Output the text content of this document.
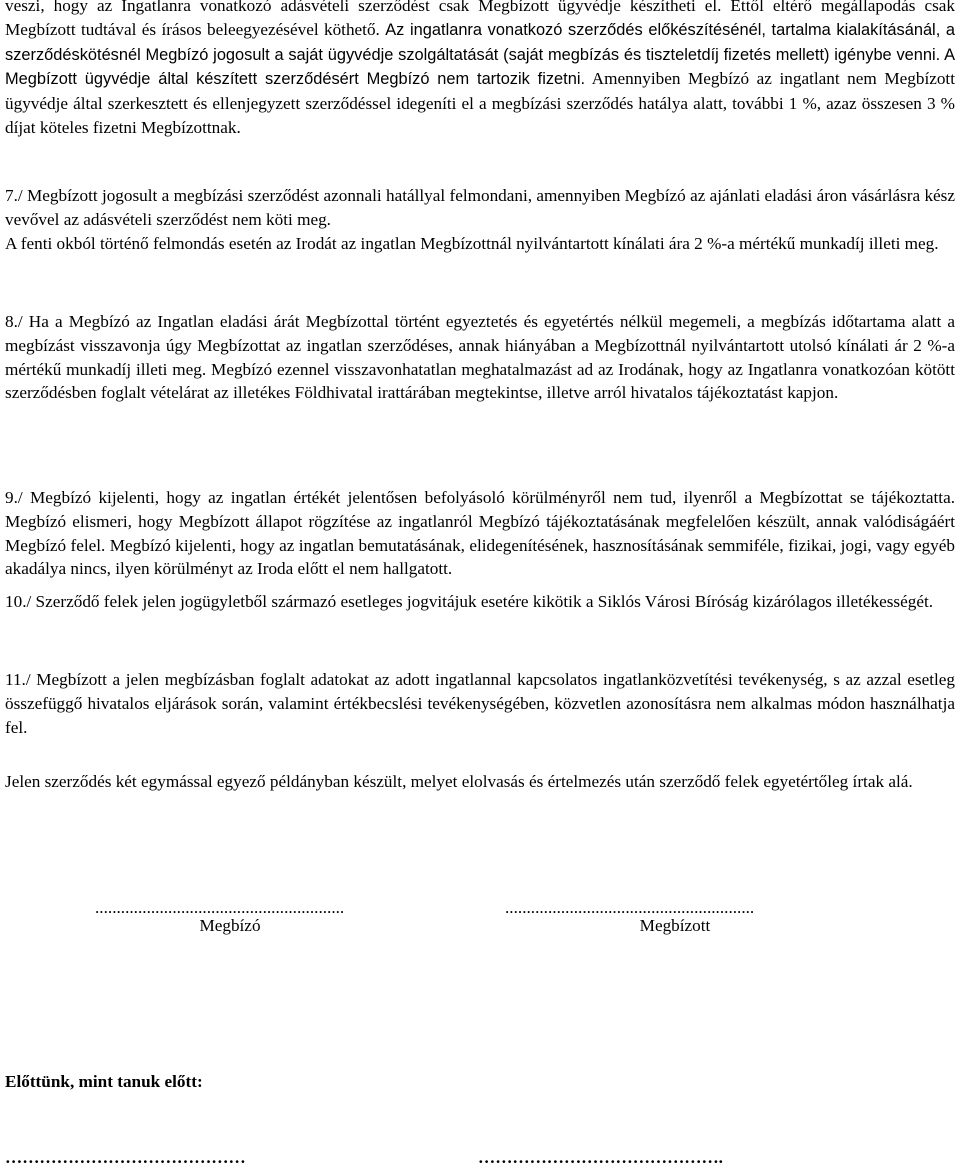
veszi, hogy az Ingatlanra vonatkozó adásvételi szerződést csak Megbízott ügyvédje készítheti el. Ettől eltérő megállapodás csak Megbízott tudtával és írásos beleegyezésével köthető. Az ingatlanra vonatkozó szerződés előkészítésénél, tartalma kialakításánál, a szerződéskötésnél Megbízó jogosult a saját ügyvédje szolgáltatását (saját megbízás és tiszteletdíj fizetés mellett) igénybe venni. A Megbízott ügyvédje által készített szerződésért Megbízó nem tartozik fizetni. Amennyiben Megbízó az ingatlant nem Megbízott ügyvédje által szerkesztett és ellenjegyzett szerződéssel idegeníti el a megbízási szerződés hatálya alatt, további 1 %, azaz összesen 3 % díjat köteles fizetni Megbízottnak.

7./ Megbízott jogosult a megbízási szerződést azonnali hatállyal felmondani, amennyiben Megbízó az ajánlati eladási áron vásárlásra kész vevővel az adásvételi szerződést nem köti meg.

A fenti okból történő felmondás esetén az Irodát az ingatlan Megbízottnál nyilvántartott kínálati ára 2 %-a mértékű munkadíj illeti meg.

8./ Ha a Megbízó az Ingatlan eladási árát Megbízottal történt egyeztetés és egyetértés nélkül megemeli, a megbízás időtartama alatt a megbízást visszavonja úgy Megbízottat az ingatlan szerződéses, annak hiányában a Megbízottnál nyilvántartott utolsó kínálati ár 2 %-a mértékű munkadíj illeti meg. Megbízó ezennel visszavonhatatlan meghatalmazást ad az Irodának, hogy az Ingatlanra vonatkozóan kötött szerződésben foglalt vételárat az illetékes Földhivatal irattárában megtekintse, illetve arról hivatalos tájékoztatást kapjon.

9./ Megbízó kijelenti, hogy az ingatlan értékét jelentősen befolyásoló körülményről nem tud, ilyenről a Megbízottat se tájékoztatta. Megbízó elismeri, hogy Megbízott állapot rögzítése az ingatlanról Megbízó tájékoztatásának megfelelően készült, annak valódiságáért Megbízó felel. Megbízó kijelenti, hogy az ingatlan bemutatásának, elidegenítésének, hasznosításának semmiféle, fizikai, jogi, vagy egyéb akadálya nincs, ilyen körülményt az Iroda előtt el nem hallgatott.

10./ Szerződő felek jelen jogügyletből származó esetleges jogvitájuk esetére kikötik a Siklós Városi Bíróság kizárólagos illetékességét.

11./ Megbízott a jelen megbízásban foglalt adatokat az adott ingatlannal kapcsolatos ingatlanközvetítési tevékenység, s az azzal esetleg összefüggő hivatalos eljárások során, valamint értékbecslési tevékenységében, közvetlen azonosításra nem alkalmas módon használhatja fel.

Jelen szerződés két egymással egyező példányban készült, melyet elolvasás és értelmezés után szerződő felek egyetértőleg írtak alá.

..........................................................
Megbízó
..........................................................
Megbízott
Előttünk, mint tanuk előtt:
……………………………………	…………………………………….
